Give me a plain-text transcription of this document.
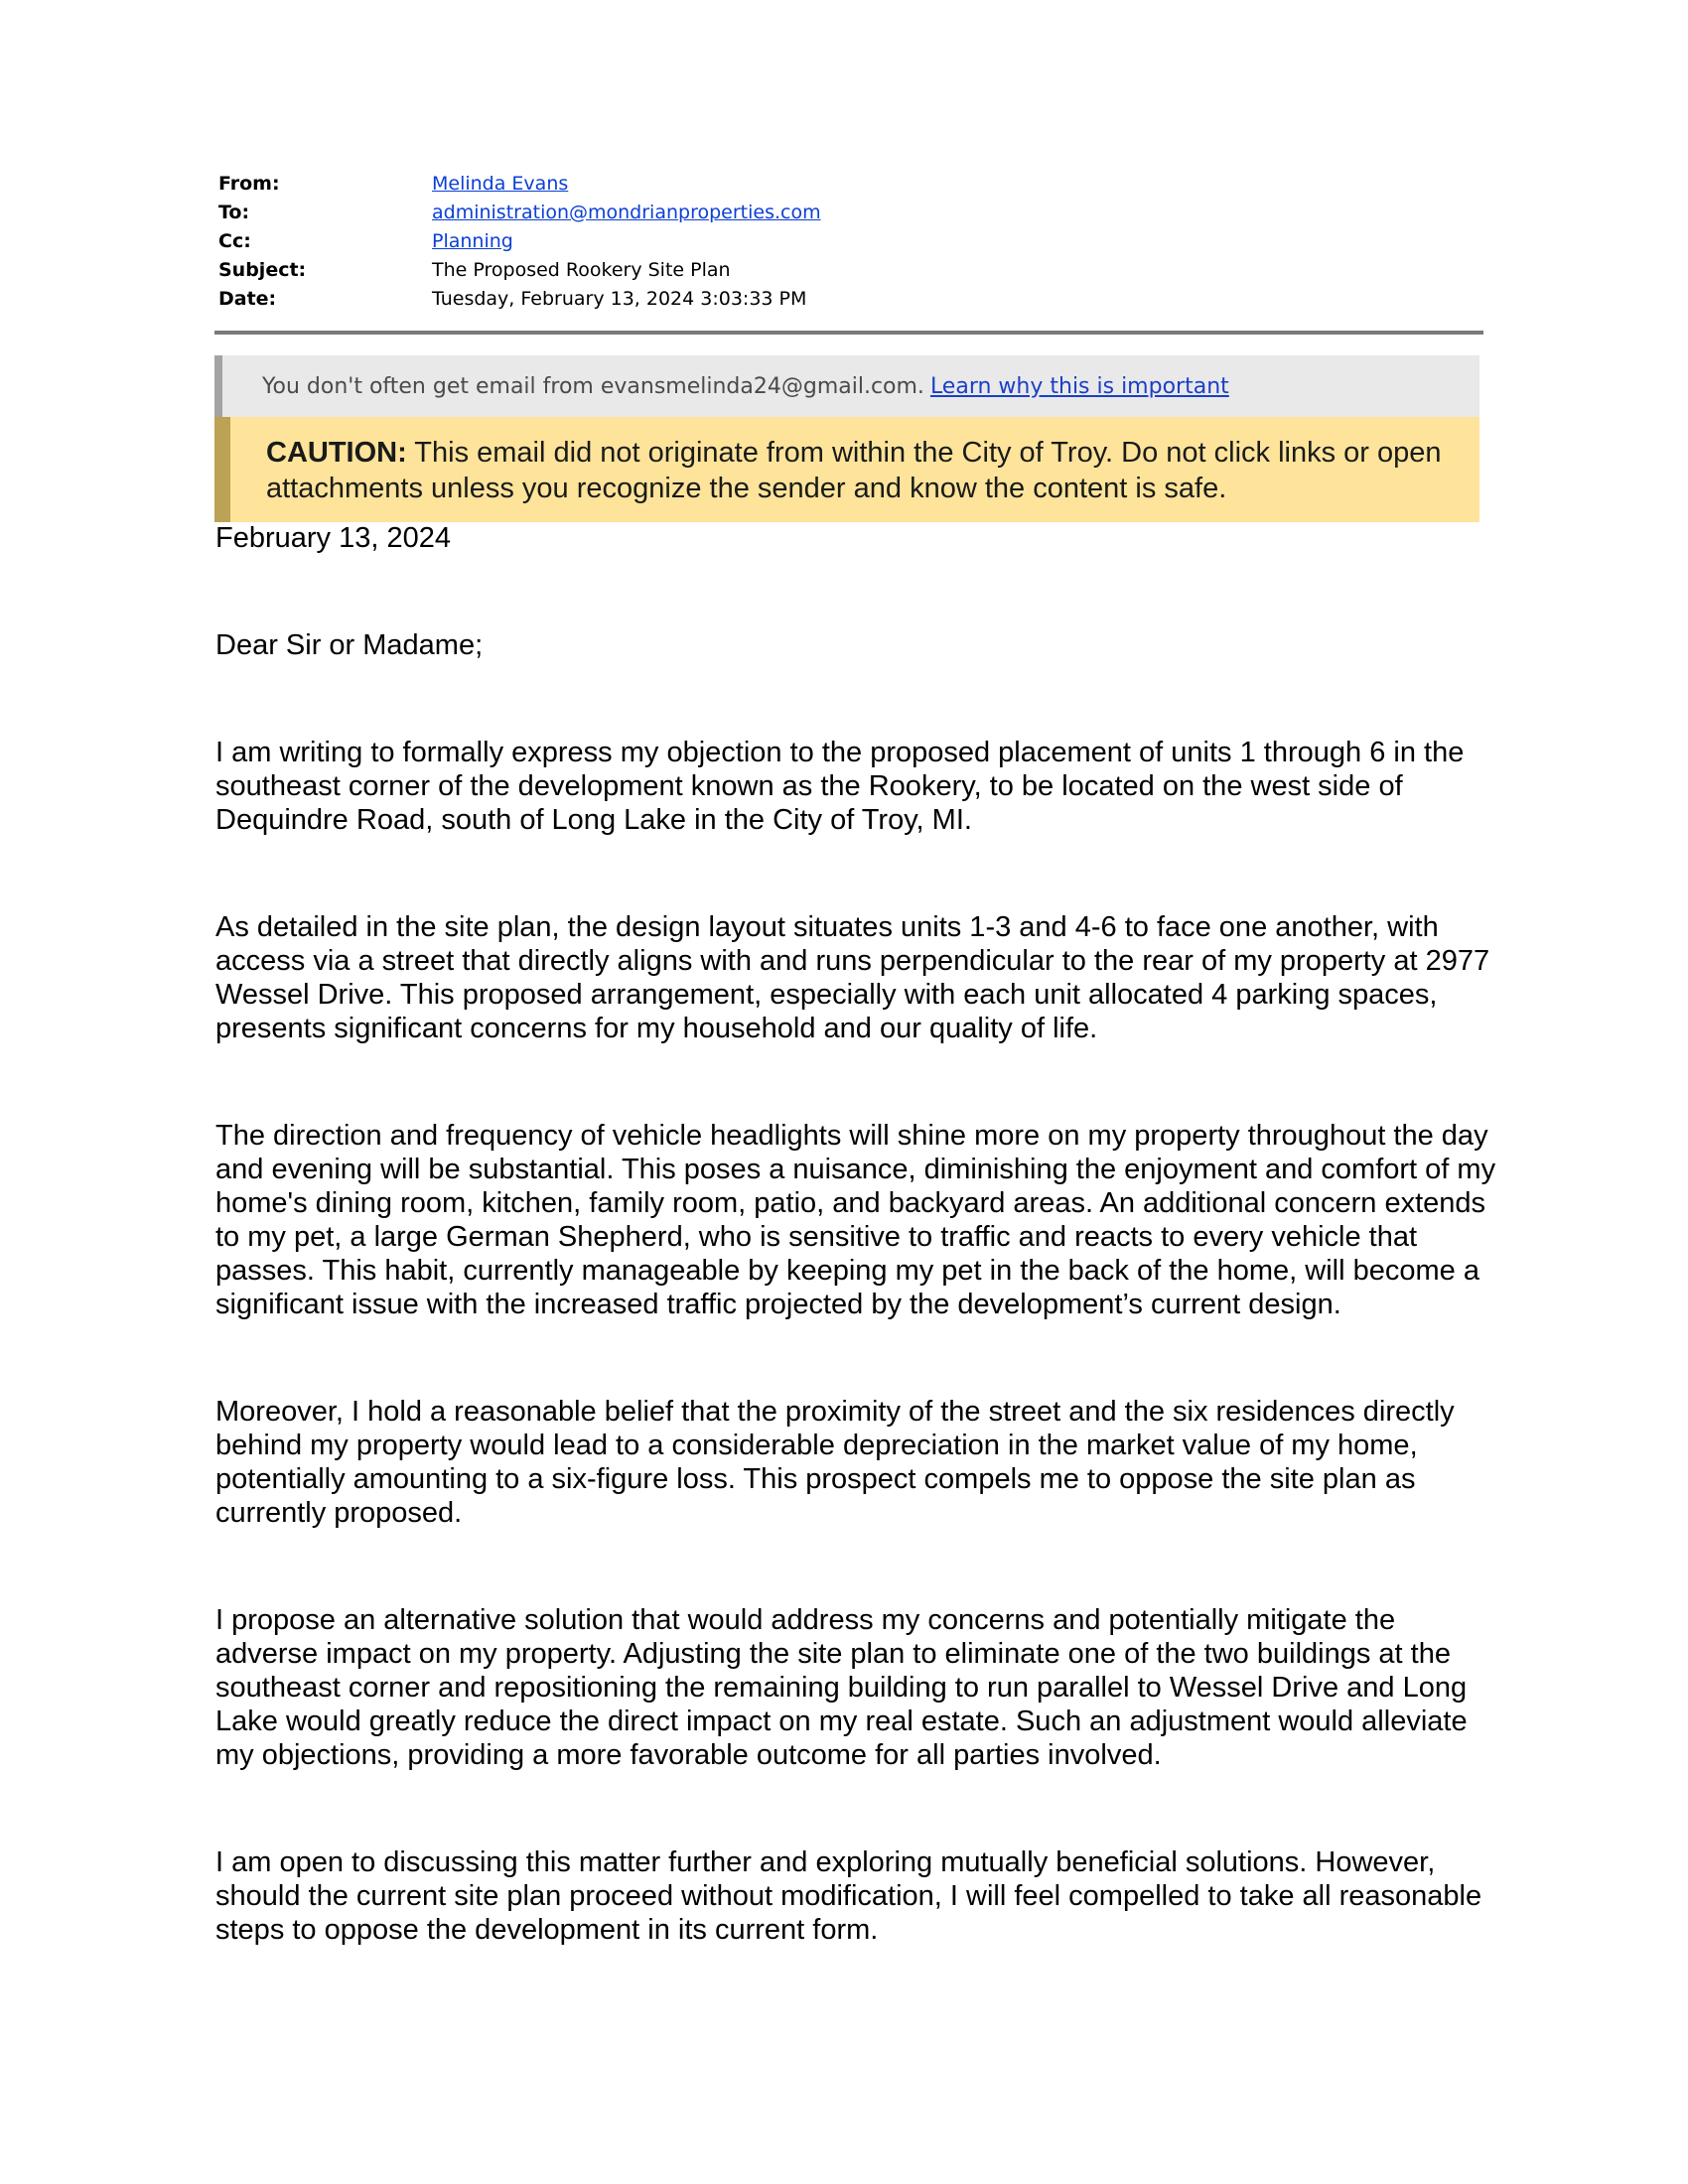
From:	Melinda Evans
To:	administration@mondrianproperties.com
Cc:	Planning
Subject:	The Proposed Rookery Site Plan
Date:	Tuesday, February 13, 2024 3:03:33 PM
You don't often get email from evansmelinda24@gmail.com. Learn why this is important
CAUTION: This email did not originate from within the City of Troy. Do not click links or open attachments unless you recognize the sender and know the content is safe.

February 13, 2024

Dear Sir or Madame;

I am writing to formally express my objection to the proposed placement of units 1 through 6 in the southeast corner of the development known as the Rookery, to be located on the west side of Dequindre Road, south of Long Lake in the City of Troy, MI.

As detailed in the site plan, the design layout situates units 1-3 and 4-6 to face one another, with access via a street that directly aligns with and runs perpendicular to the rear of my property at 2977 Wessel Drive. This proposed arrangement, especially with each unit allocated 4 parking spaces, presents significant concerns for my household and our quality of life.

The direction and frequency of vehicle headlights will shine more on my property throughout the day and evening will be substantial. This poses a nuisance, diminishing the enjoyment and comfort of my home's dining room, kitchen, family room, patio, and backyard areas. An additional concern extends to my pet, a large German Shepherd, who is sensitive to traffic and reacts to every vehicle that passes. This habit, currently manageable by keeping my pet in the back of the home, will become a significant issue with the increased traffic projected by the development’s current design.

Moreover, I hold a reasonable belief that the proximity of the street and the six residences directly behind my property would lead to a considerable depreciation in the market value of my home, potentially amounting to a six-figure loss. This prospect compels me to oppose the site plan as currently proposed.

I propose an alternative solution that would address my concerns and potentially mitigate the adverse impact on my property. Adjusting the site plan to eliminate one of the two buildings at the southeast corner and repositioning the remaining building to run parallel to Wessel Drive and Long Lake would greatly reduce the direct impact on my real estate. Such an adjustment would alleviate my objections, providing a more favorable outcome for all parties involved.

I am open to discussing this matter further and exploring mutually beneficial solutions. However, should the current site plan proceed without modification, I will feel compelled to take all reasonable steps to oppose the development in its current form.
